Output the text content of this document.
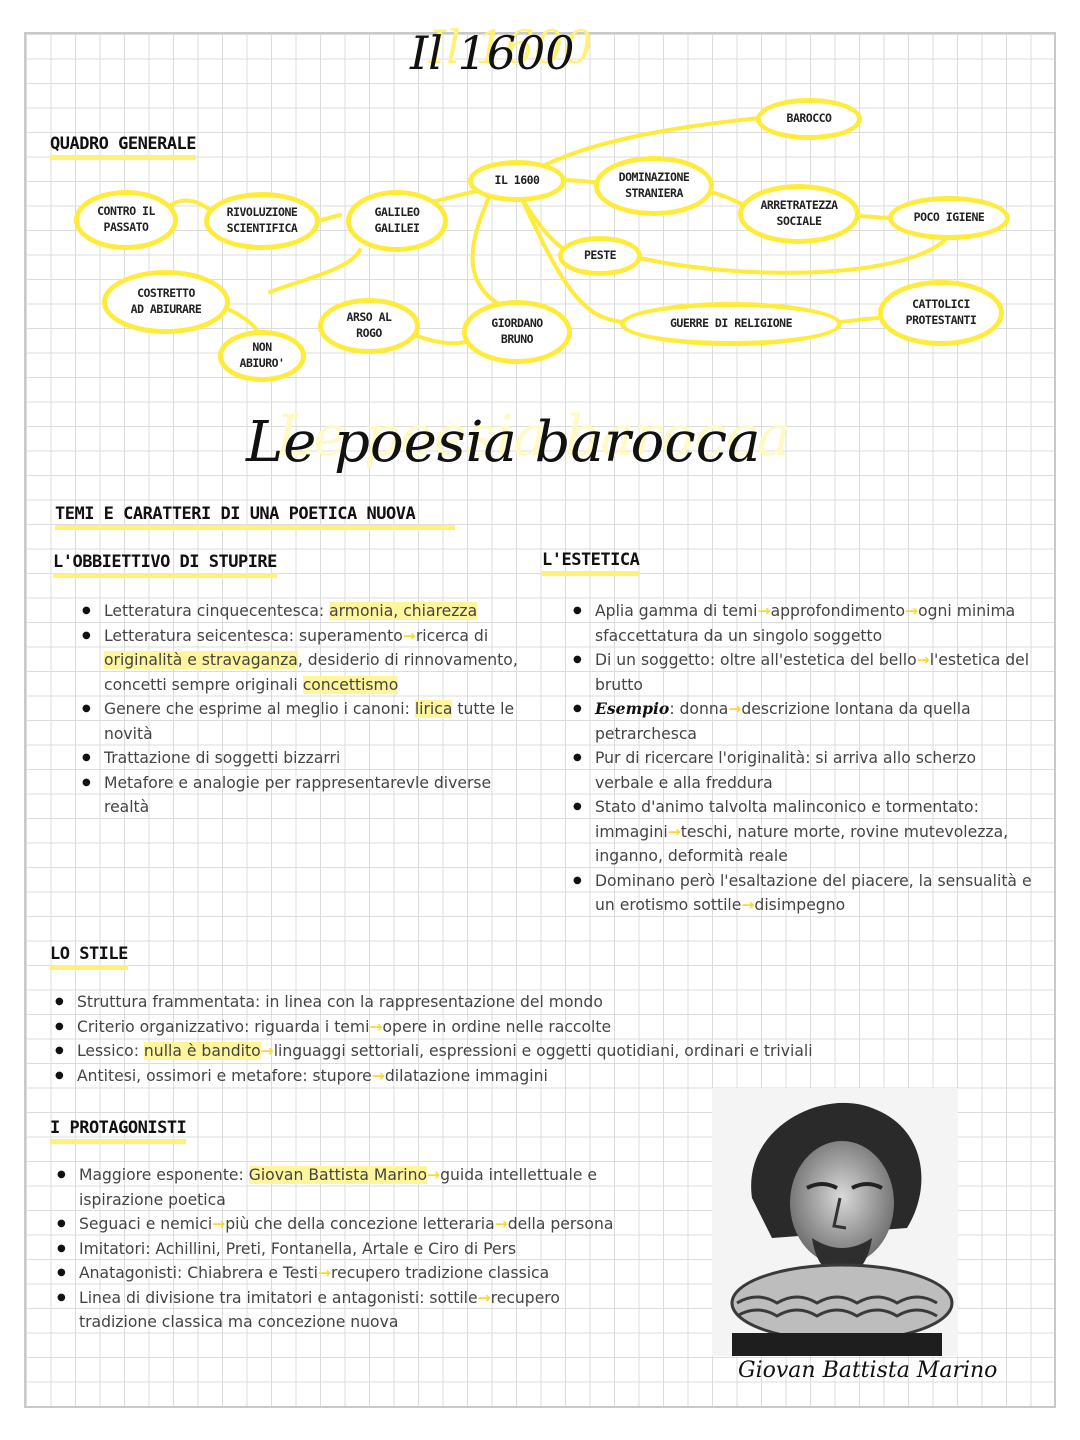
Il 1600
QUADRO GENERALE
IL 1600
BAROCCO
DOMINAZIONE
STRANIERA
ARRETRATEZZA
SOCIALE	POCO IGIENE
PESTE
GUERRE DI RELIGIONE
CATTOLICI
PROTESTANTI
GIORDANO
BRUNO
ARSO AL
ROGO
GALILEO
GALILEI
RIVOLUZIONE
SCIENTIFICA
CONTRO IL
PASSATO
COSTRETTO
AD ABIURARE
NON
ABIURO'
Le poesia barocca
TEMI E CARATTERI DI UNA POETICA NUOVA
L'OBBIETTIVO DI STUPIRE	L'ESTETICA
● Letteratura cinquecentesca: armonia, chiarezza
● Letteratura seicentesca: superamento→ricerca di originalità e stravaganza, desiderio di rinnovamento, concetti sempre originali concettismo
● Genere che esprime al meglio i canoni: lirica tutte le novità
● Trattazione di soggetti bizzarri
● Metafore e analogie per rappresentarevle diverse realtà
● Aplia gamma di temi→approfondimento→ogni minima sfaccettatura da un singolo soggetto
● Di un soggetto: oltre all'estetica del bello→l'estetica del brutto
● Esempio: donna→descrizione lontana da quella petrarchesca
● Pur di ricercare l'originalità: si arriva allo scherzo verbale e alla freddura
● Stato d'animo talvolta malinconico e tormentato: immagini→teschi, nature morte, rovine mutevolezza, inganno, deformità reale
● Dominano però l'esaltazione del piacere, la sensualità e un erotismo sottile→disimpegno
LO STILE
● Struttura frammentata: in linea con la rappresentazione del mondo
● Criterio organizzativo: riguarda i temi→opere in ordine nelle raccolte
● Lessico: nulla è bandito→linguaggi settoriali, espressioni e oggetti quotidiani, ordinari e triviali
● Antitesi, ossimori e metafore: stupore→dilatazione immagini
I PROTAGONISTI
● Maggiore esponente: Giovan Battista Marino→guida intellettuale e ispirazione poetica
● Seguaci e nemici→più che della concezione letteraria→della persona
● Imitatori: Achillini, Preti, Fontanella, Artale e Ciro di Pers
● Anatagonisti: Chiabrera e Testi→recupero tradizione classica
● Linea di divisione tra imitatori e antagonisti: sottile→recupero tradizione classica ma concezione nuova
Giovan Battista Marino
